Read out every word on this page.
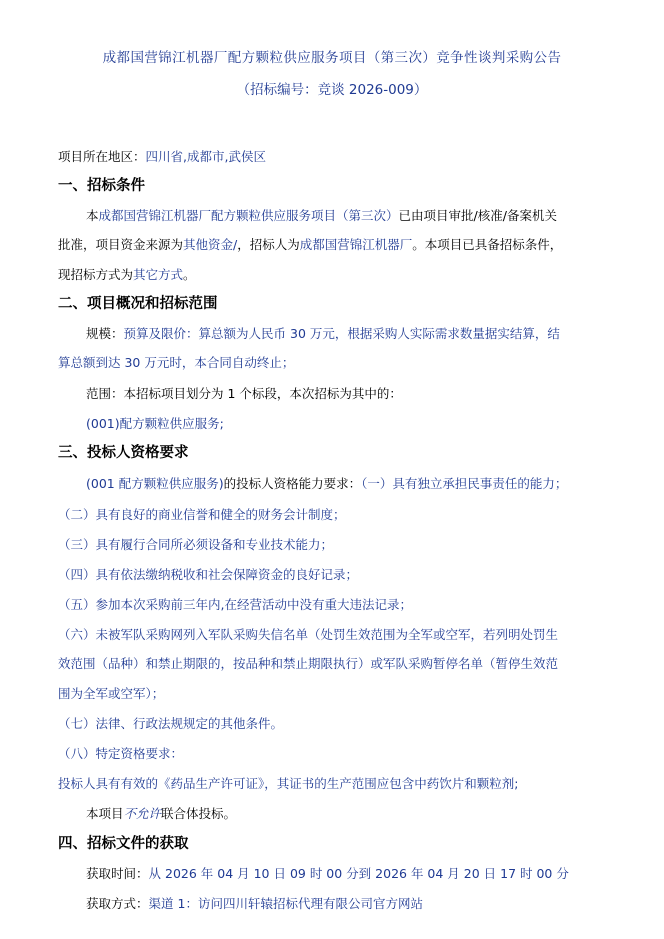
成都国营锦江机器厂配方颗粒供应服务项目（第三次）竞争性谈判采购公告
（招标编号：竞谈 2026-009）
项目所在地区：四川省,成都市,武侯区
一、招标条件
本成都国营锦江机器厂配方颗粒供应服务项目（第三次）已由项目审批/核准/备案机关
批准，项目资金来源为其他资金/，招标人为成都国营锦江机器厂。本项目已具备招标条件，
现招标方式为其它方式。
二、项目概况和招标范围
规模：预算及限价：算总额为人民币 30 万元，根据采购人实际需求数量据实结算，结
算总额到达 30 万元时，本合同自动终止；
范围：本招标项目划分为 1 个标段，本次招标为其中的：
(001)配方颗粒供应服务;
三、投标人资格要求
(001 配方颗粒供应服务)的投标人资格能力要求：（一）具有独立承担民事责任的能力；
（二）具有良好的商业信誉和健全的财务会计制度；
（三）具有履行合同所必须设备和专业技术能力；
（四）具有依法缴纳税收和社会保障资金的良好记录；
（五）参加本次采购前三年内,在经营活动中没有重大违法记录；
（六）未被军队采购网列入军队采购失信名单（处罚生效范围为全军或空军，若列明处罚生
效范围（品种）和禁止期限的，按品种和禁止期限执行）或军队采购暂停名单（暂停生效范
围为全军或空军）；
（七）法律、行政法规规定的其他条件。
（八）特定资格要求：
投标人具有有效的《药品生产许可证》，其证书的生产范围应包含中药饮片和颗粒剂;
本项目不允许联合体投标。
四、招标文件的获取
获取时间：从 2026 年 04 月 10 日 09 时 00 分到 2026 年 04 月 20 日 17 时 00 分
获取方式：渠道 1：访问四川轩辕招标代理有限公司官方网站
